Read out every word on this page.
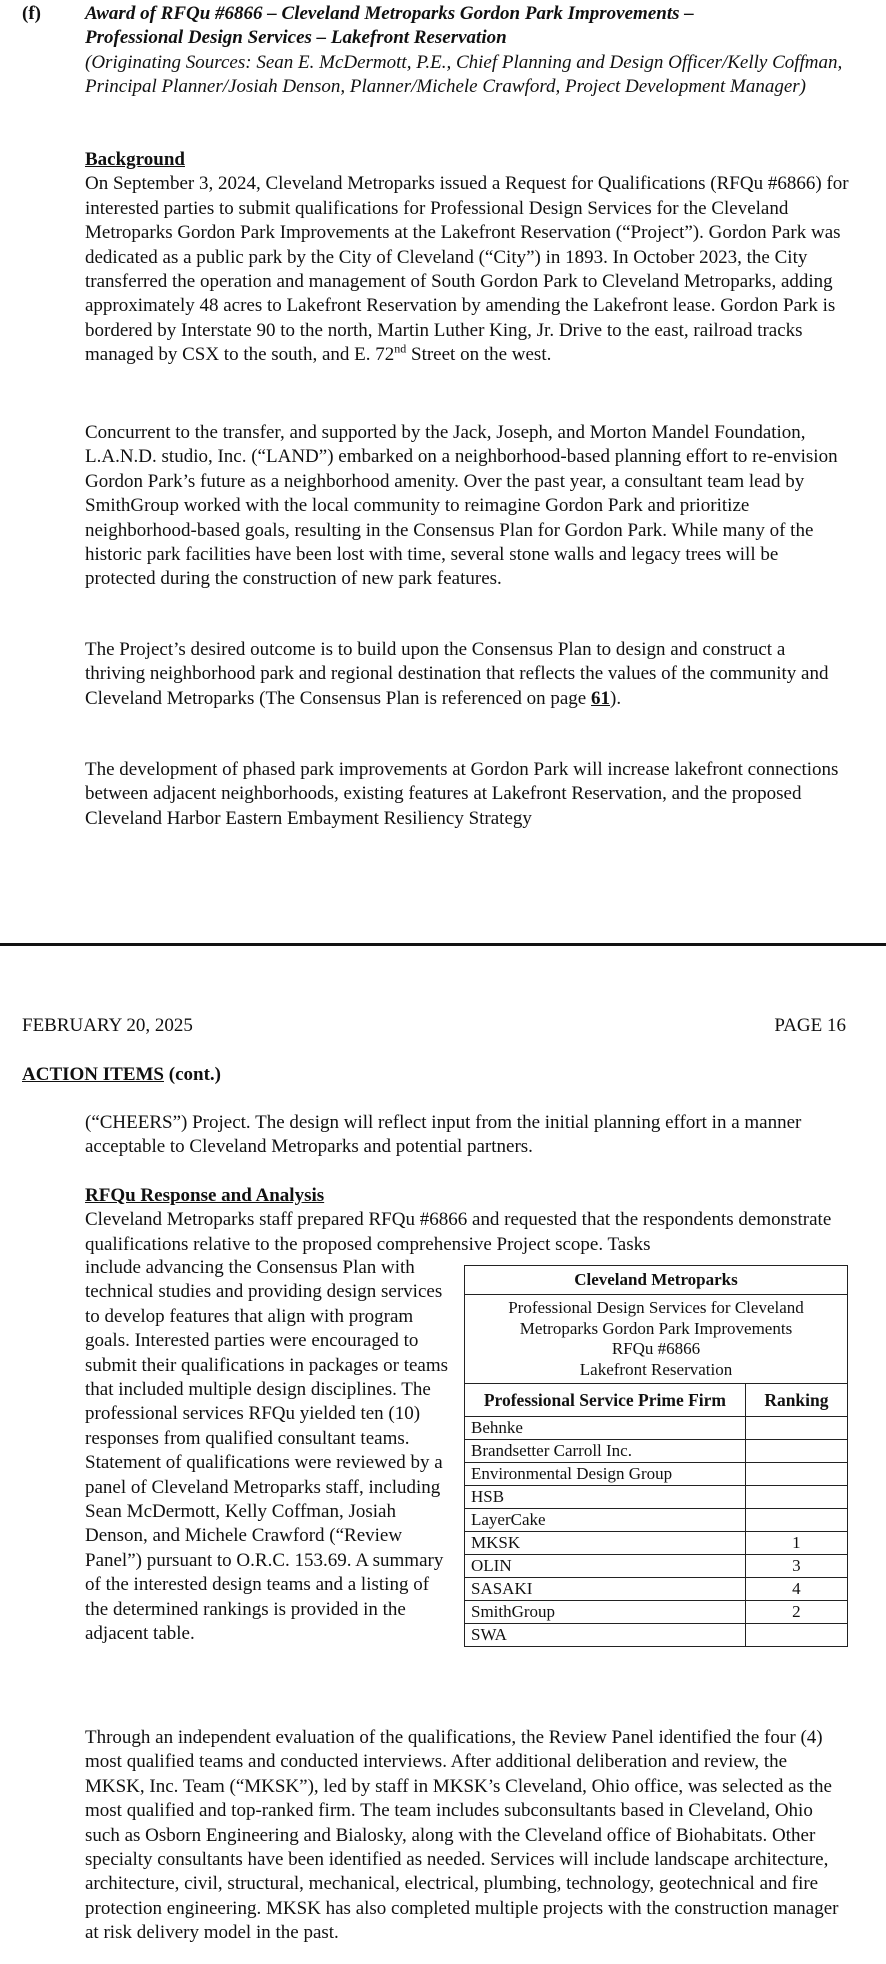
(f) Award of RFQu #6866 – Cleveland Metroparks Gordon Park Improvements –
Professional Design Services – Lakefront Reservation
(Originating Sources: Sean E. McDermott, P.E., Chief Planning and Design Officer/Kelly Coffman, Principal Planner/Josiah Denson, Planner/Michele Crawford, Project Development Manager)
Background

On September 3, 2024, Cleveland Metroparks issued a Request for Qualifications (RFQu #6866) for interested parties to submit qualifications for Professional Design Services for the Cleveland Metroparks Gordon Park Improvements at the Lakefront Reservation (“Project”). Gordon Park was dedicated as a public park by the City of Cleveland (“City”) in 1893. In October 2023, the City transferred the operation and management of South Gordon Park to Cleveland Metroparks, adding approximately 48 acres to Lakefront Reservation by amending the Lakefront lease. Gordon Park is bordered by Interstate 90 to the north, Martin Luther King, Jr. Drive to the east, railroad tracks managed by CSX to the south, and E. 72nd Street on the west.

Concurrent to the transfer, and supported by the Jack, Joseph, and Morton Mandel Foundation, L.A.N.D. studio, Inc. (“LAND”) embarked on a neighborhood-based planning effort to re-envision Gordon Park’s future as a neighborhood amenity. Over the past year, a consultant team lead by SmithGroup worked with the local community to reimagine Gordon Park and prioritize neighborhood-based goals, resulting in the Consensus Plan for Gordon Park. While many of the historic park facilities have been lost with time, several stone walls and legacy trees will be protected during the construction of new park features.

The Project’s desired outcome is to build upon the Consensus Plan to design and construct a thriving neighborhood park and regional destination that reflects the values of the community and Cleveland Metroparks (The Consensus Plan is referenced on page 61).

The development of phased park improvements at Gordon Park will increase lakefront connections between adjacent neighborhoods, existing features at Lakefront Reservation, and the proposed Cleveland Harbor Eastern Embayment Resiliency Strategy

FEBRUARY 20, 2025	PAGE 16
ACTION ITEMS (cont.)

(“CHEERS”) Project. The design will reflect input from the initial planning effort in a manner acceptable to Cleveland Metroparks and potential partners.

RFQu Response and Analysis

Cleveland Metroparks staff prepared RFQu #6866 and requested that the respondents demonstrate qualifications relative to the proposed comprehensive Project scope. Tasks

include advancing the Consensus Plan with technical studies and providing design services to develop features that align with program goals. Interested parties were encouraged to submit their qualifications in packages or teams that included multiple design disciplines. The professional services RFQu yielded ten (10) responses from qualified consultant teams. Statement of qualifications were reviewed by a panel of Cleveland Metroparks staff, including Sean McDermott, Kelly Coffman, Josiah Denson, and Michele Crawford (“Review Panel”) pursuant to O.R.C. 153.69. A summary of the interested design teams and a listing of the determined rankings is provided in the adjacent table.

Cleveland Metroparks	

Professional Design Services for Cleveland Metroparks Gordon Park Improvements
RFQu #6866
Lakefront Reservation	

Professional Service Prime Firm	Ranking
Behnke	
Brandsetter Carroll Inc.	
Environmental Design Group	
HSB	
LayerCake	
MKSK	1
OLIN	3
SASAKI	4
SmithGroup	2
SWA	

Through an independent evaluation of the qualifications, the Review Panel identified the four (4) most qualified teams and conducted interviews. After additional deliberation and review, the MKSK, Inc. Team (“MKSK”), led by staff in MKSK’s Cleveland, Ohio office, was selected as the most qualified and top-ranked firm. The team includes subconsultants based in Cleveland, Ohio such as Osborn Engineering and Bialosky, along with the Cleveland office of Biohabitats. Other specialty consultants have been identified as needed. Services will include landscape architecture, architecture, civil, structural, mechanical, electrical, plumbing, technology, geotechnical and fire protection engineering. MKSK has also completed multiple projects with the construction manager at risk delivery model in the past.
